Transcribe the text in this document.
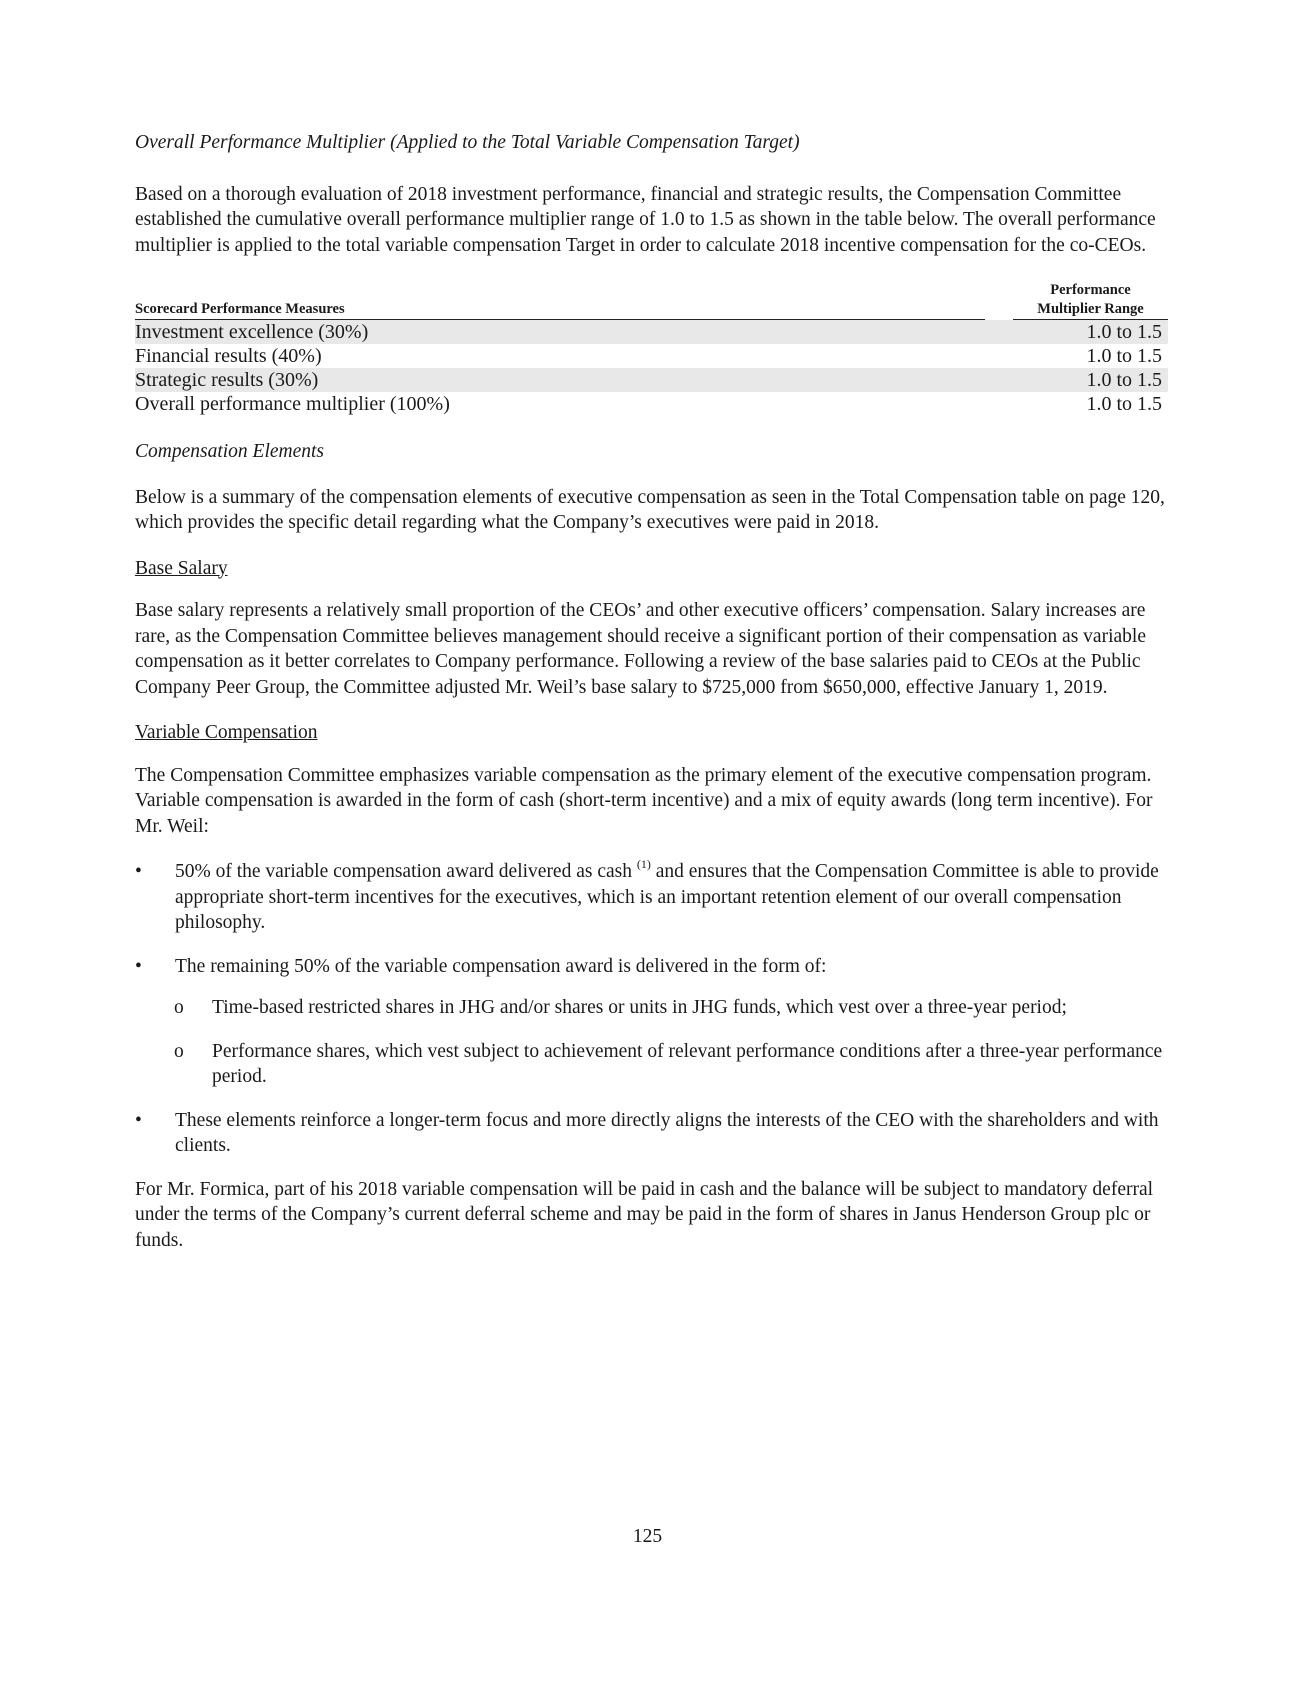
Overall Performance Multiplier (Applied to the Total Variable Compensation Target)

Based on a thorough evaluation of 2018 investment performance, financial and strategic results, the Compensation Committee established the cumulative overall performance multiplier range of 1.0 to 1.5 as shown in the table below. The overall performance multiplier is applied to the total variable compensation Target in order to calculate 2018 incentive compensation for the co-CEOs.

Scorecard Performance Measures		Performance
Multiplier Range
Investment excellence (30%)		1.0 to 1.5
Financial results (40%)		1.0 to 1.5
Strategic results (30%)		1.0 to 1.5
Overall performance multiplier (100%)		1.0 to 1.5

Compensation Elements

Below is a summary of the compensation elements of executive compensation as seen in the Total Compensation table on page 120, which provides the specific detail regarding what the Company’s executives were paid in 2018.

Base Salary

Base salary represents a relatively small proportion of the CEOs’ and other executive officers’ compensation. Salary increases are rare, as the Compensation Committee believes management should receive a significant portion of their compensation as variable compensation as it better correlates to Company performance. Following a review of the base salaries paid to CEOs at the Public Company Peer Group, the Committee adjusted Mr. Weil’s base salary to $725,000 from $650,000, effective January 1, 2019.

Variable Compensation

The Compensation Committee emphasizes variable compensation as the primary element of the executive compensation program. Variable compensation is awarded in the form of cash (short-term incentive) and a mix of equity awards (long term incentive). For Mr. Weil:

•	50% of the variable compensation award delivered as cash $^{(1)}$ and ensures that the Compensation Committee is able to provide appropriate short-term incentives for the executives, which is an important retention element of our overall compensation philosophy.
•	The remaining 50% of the variable compensation award is delivered in the form of:
o Time-based restricted shares in JHG and/or shares or units in JHG funds, which vest over a three-year period;
o Performance shares, which vest subject to achievement of relevant performance conditions after a three-year performance period.
•	These elements reinforce a longer-term focus and more directly aligns the interests of the CEO with the shareholders and with clients.

For Mr. Formica, part of his 2018 variable compensation will be paid in cash and the balance will be subject to mandatory deferral under the terms of the Company’s current deferral scheme and may be paid in the form of shares in Janus Henderson Group plc or funds.

125
